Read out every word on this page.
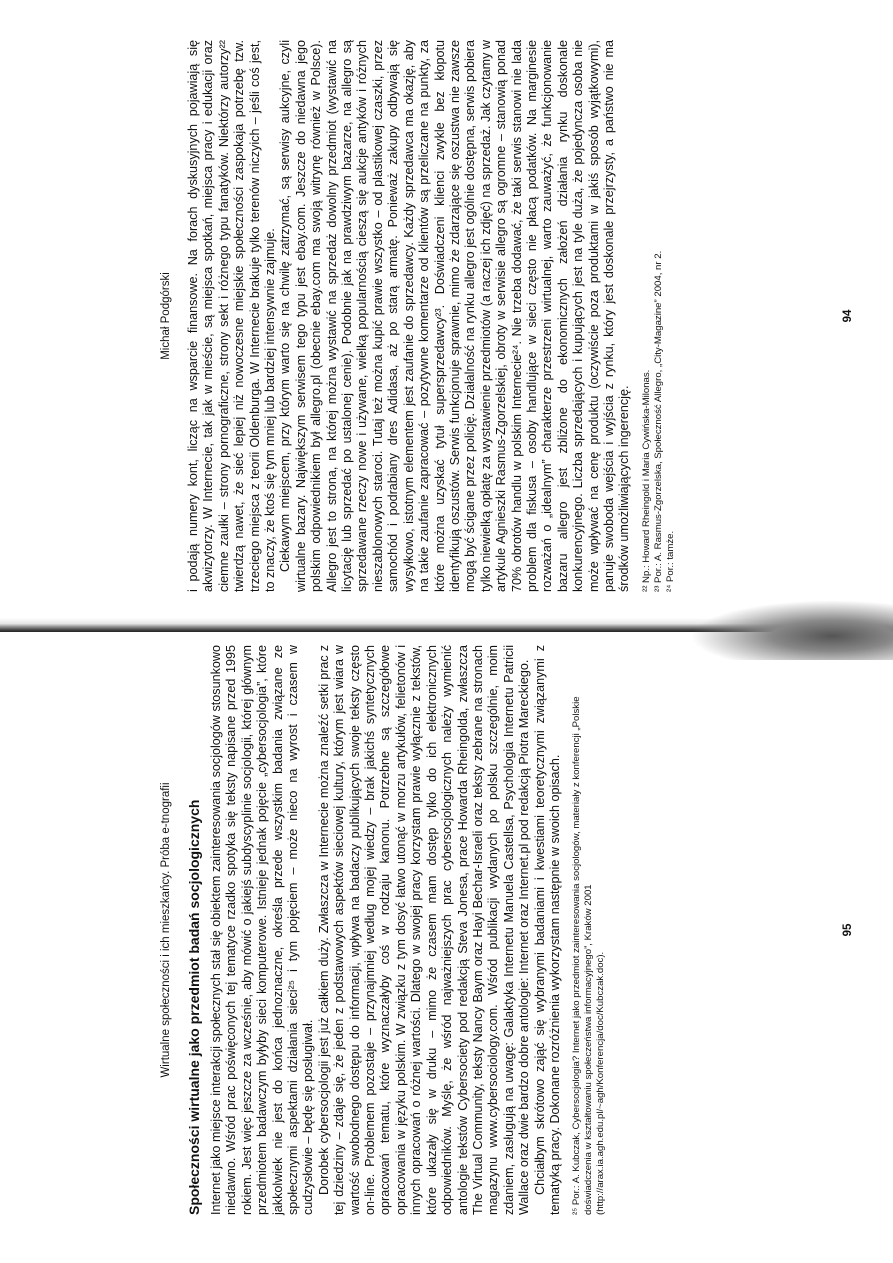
Michał Podgórski i podają numery kont, licząc na wsparcie finansowe. Na forach dyskusyjnych pojawiają się akwizytorzy. W Internecie, tak jak w mieście, są miejsca spotkań, miejsca pracy i edukacji oraz ciemne zaułki – strony pornograficzne, strony sekt i różnego typu fanatyków. Niektórzy autorzy²² twierdzą nawet, że sieć lepiej niż nowoczesne miejskie społeczności zaspokaja potrzebę tzw. trzeciego miejsca z teorii Oldenburga. W Internecie brakuje tylko terenów niczyich – jeśli coś jest, to znaczy, że ktoś się tym mniej lub bardziej intensywnie zajmuje. Ciekawym miejscem, przy którym warto się na chwilę zatrzymać, są serwisy aukcyjne, czyli wirtualne bazary. Największym serwisem tego typu jest ebay.com. Jeszcze do niedawna jego polskim odpowiednikiem był allegro.pl (obecnie ebay.com ma swoją witrynę również w Polsce). Allegro jest to strona, na której można wystawić na sprzedaż dowolny przedmiot (wystawić na licytację lub sprzedać po ustalonej cenie). Podobnie jak na prawdziwym bazarze, na allegro są sprzedawane rzeczy nowe i używane, wielką popularnością cieszą się aukcje antyków i różnych nieszablonowych staroci. Tutaj też można kupić prawie wszystko – od plastikowej czaszki, przez samochód i podrabiany dres Adidasa, aż po starą armatę. Ponieważ zakupy odbywają się wysyłkowo, istotnym elementem jest zaufanie do sprzedawcy. Każdy sprzedawca ma okazję, aby na takie zaufanie zapracować – pozytywne komentarze od klientów są przeliczane na punkty, za które można uzyskać tytuł supersprzedawcy²³. Doświadczeni klienci zwykle bez kłopotu identyfikują oszustów. Serwis funkcjonuje sprawnie, mimo że zdarzające się oszustwa nie zawsze mogą być ścigane przez policję. Działalność na rynku allegro jest ogólnie dostępna, serwis pobiera tylko niewielką opłatę za wystawienie przedmiotów (a raczej ich zdjęć) na sprzedaż. Jak czytamy w artykule Agnieszki Rasmus-Zgorzelskiej, obroty w serwisie allegro są ogromne – stanowią ponad 70% obrotów handlu w polskim Internecie²⁴. Nie trzeba dodawać, że taki serwis stanowi nie lada problem dla fiskusa – osoby handlujące w sieci często nie płacą podatków. Na marginesie rozważań o „idealnym” charakterze przestrzeni wirtualnej, warto zauważyć, że funkcjonowanie bazaru allegro jest zbliżone do ekonomicznych założeń działania rynku doskonale konkurencyjnego. Liczba sprzedających i kupujących jest na tyle duża, że pojedyncza osoba nie może wpływać na cenę produktu (oczywiście poza produktami w jakiś sposób wyjątkowymi), panuje swoboda wejścia i wyjścia z rynku, który jest doskonale przejrzysty, a państwo nie ma środków umożliwiających ingerencję. ²² Np.: Howard Rheingold i Maria Cywińska-Milonas. ²³ Por.: A. Rasmus-Zgorzelska, Społeczność Allegro, „City-Magazine” 2004, nr 2. ²⁴ Por.: tamże.
94
Wirtualne społeczności i ich mieszkańcy. Próba e-tnografii Społeczności wirtualne jako przedmiot badań socjologicznych Internet jako miejsce interakcji społecznych stał się obiektem zainteresowania socjologów stosunkowo niedawno. Wśród prac poświęconych tej tematyce rzadko spotyka się teksty napisane przed 1995 rokiem. Jest więc jeszcze za wcześnie, aby mówić o jakiejś subdyscyplinie socjologii, której głównym przedmiotem badawczym byłyby sieci komputerowe. Istnieje jednak pojęcie „cybersocjologia”, które jakkolwiek nie jest do końca jednoznaczne, określa przede wszystkim badania związane ze społecznymi aspektami działania sieci²⁵ i tym pojęciem – może nieco na wyrost i czasem w cudzysłowie – będę się posługiwał. Dorobek cybersocjologii jest już całkiem duży. Zwłaszcza w Internecie można znaleźć setki prac z tej dziedziny – zdaje się, że jeden z podstawowych aspektów sieciowej kultury, którym jest wiara w wartość swobodnego dostępu do informacji, wpływa na badaczy publikujących swoje teksty często on-line. Problemem pozostaje – przynajmniej według mojej wiedzy – brak jakichś syntetycznych opracowań tematu, które wyznaczałyby coś w rodzaju kanonu. Potrzebne są szczegółowe opracowania w języku polskim. W związku z tym dosyć łatwo utonąć w morzu artykułów, felietonów i innych opracowań o różnej wartości. Dlatego w swojej pracy korzystam prawie wyłącznie z tekstów, które ukazały się w druku – mimo że czasem mam dostęp tylko do ich elektronicznych odpowiedników. Myślę, że wśród najważniejszych prac cybersocjologicznych należy wymienić antologie tekstów Cybersociety pod redakcją Steva Jonesa, prace Howarda Rheingolda, zwłaszcza The Virtual Community, teksty Nancy Baym oraz Hayi Bechar-Israeli oraz teksty zebrane na stronach magazynu www.cybersociology.com. Wśród publikacji wydanych po polsku szczególnie, moim zdaniem, zasługują na uwagę: Galaktyka Internetu Manuela Castellsa, Psychologia Internetu Patricii Wallace oraz dwie bardzo dobre antologie: Internet oraz Internet.pl pod redakcją Piotra Mareckiego. Chciałbym skrótowo zająć się wybranymi badaniami i kwestiami teoretycznymi związanymi z tematyką pracy. Dokonane rozróżnienia wykorzystam następnie w swoich opisach. ²⁵ Por.: A. Kubczak, Cybersocjologia? Internet jako przedmiot zainteresowania socjologów, materiały z konferencji „Polskie doświadczenia w kształtowaniu społeczeństwa informacyjnego”, Kraków 2001 (http://arax.ia.agh.edu.pl/~agh/Konferencja/doc/Kubczak.doc).
95
